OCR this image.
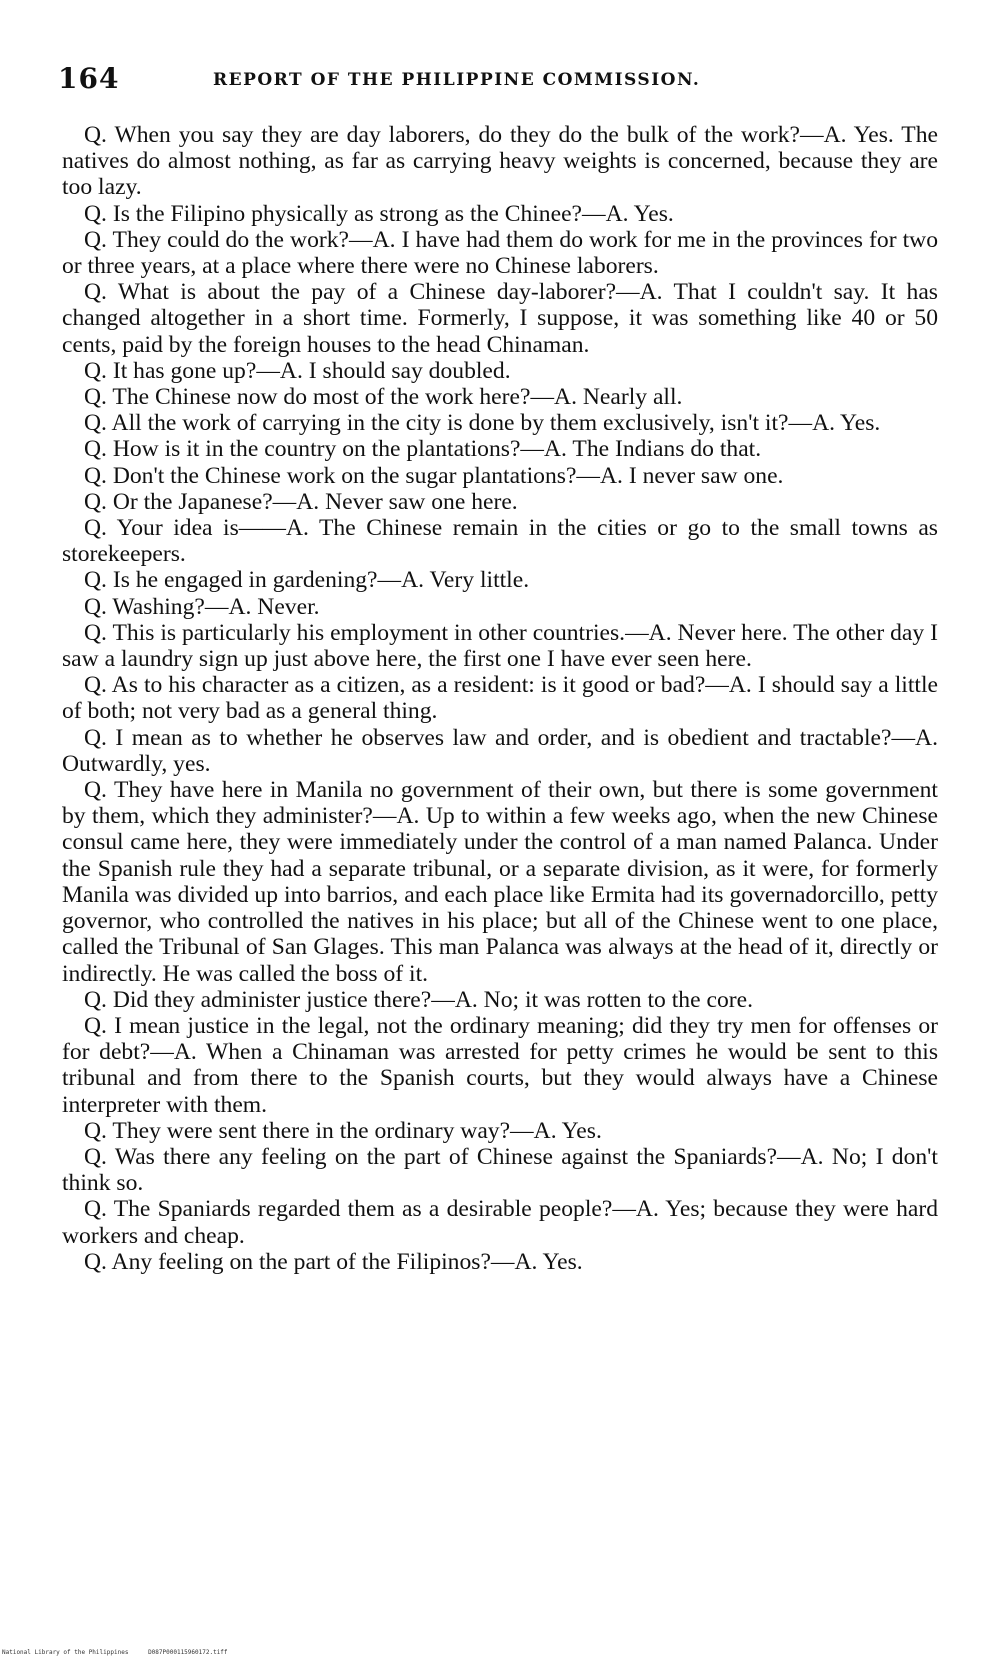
164	REPORT OF THE PHILIPPINE COMMISSION.

Q. When you say they are day laborers, do they do the bulk of the work?—A. Yes. The natives do almost nothing, as far as carrying heavy weights is concerned, because they are too lazy.

Q. Is the Filipino physically as strong as the Chinee?—A. Yes.

Q. They could do the work?—A. I have had them do work for me in the provinces for two or three years, at a place where there were no Chinese laborers.

Q. What is about the pay of a Chinese day-laborer?—A. That I couldn't say. It has changed altogether in a short time. Formerly, I suppose, it was something like 40 or 50 cents, paid by the foreign houses to the head Chinaman.

Q. It has gone up?—A. I should say doubled.

Q. The Chinese now do most of the work here?—A. Nearly all.

Q. All the work of carrying in the city is done by them exclusively, isn't it?—A. Yes.

Q. How is it in the country on the plantations?—A. The Indians do that.

Q. Don't the Chinese work on the sugar plantations?—A. I never saw one.

Q. Or the Japanese?—A. Never saw one here.

Q. Your idea is——A. The Chinese remain in the cities or go to the small towns as storekeepers.

Q. Is he engaged in gardening?—A. Very little.

Q. Washing?—A. Never.

Q. This is particularly his employment in other countries.—A. Never here. The other day I saw a laundry sign up just above here, the first one I have ever seen here.

Q. As to his character as a citizen, as a resident: is it good or bad?—A. I should say a little of both; not very bad as a general thing.

Q. I mean as to whether he observes law and order, and is obedient and tractable?—A. Outwardly, yes.

Q. They have here in Manila no government of their own, but there is some government by them, which they administer?—A. Up to within a few weeks ago, when the new Chinese consul came here, they were immediately under the control of a man named Palanca. Under the Spanish rule they had a separate tribunal, or a separate division, as it were, for formerly Manila was divided up into barrios, and each place like Ermita had its governadorcillo, petty governor, who controlled the natives in his place; but all of the Chinese went to one place, called the Tribunal of San Glages. This man Palanca was always at the head of it, directly or indirectly. He was called the boss of it.

Q. Did they administer justice there?—A. No; it was rotten to the core.

Q. I mean justice in the legal, not the ordinary meaning; did they try men for offenses or for debt?—A. When a Chinaman was arrested for petty crimes he would be sent to this tribunal and from there to the Spanish courts, but they would always have a Chinese interpreter with them.

Q. They were sent there in the ordinary way?—A. Yes.

Q. Was there any feeling on the part of Chinese against the Spaniards?—A. No; I don't think so.

Q. The Spaniards regarded them as a desirable people?—A. Yes; because they were hard workers and cheap.

Q. Any feeling on the part of the Filipinos?—A. Yes.

National Library of the Philippines	D087P000115960172.tiff
